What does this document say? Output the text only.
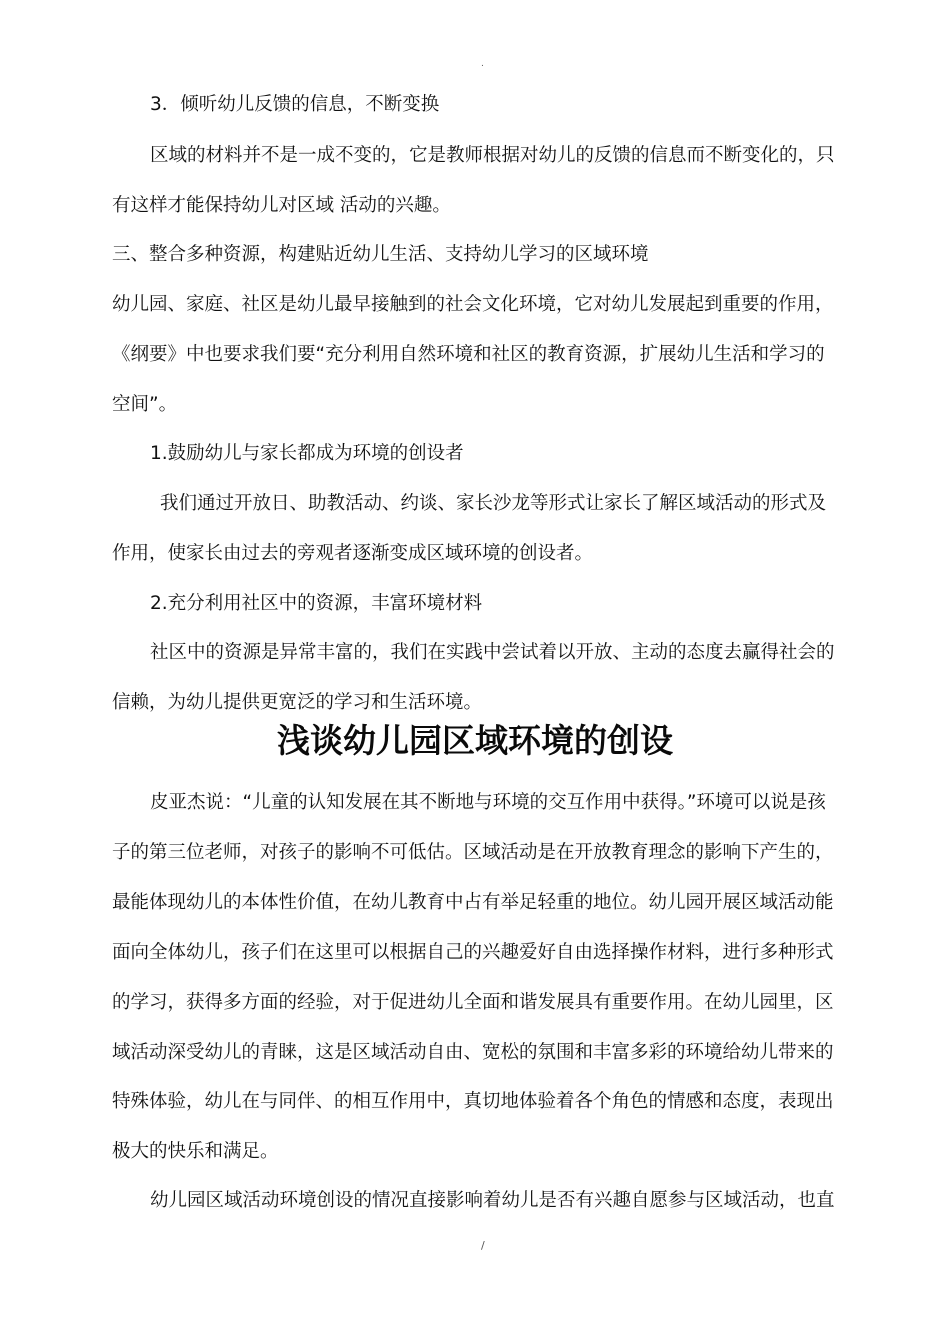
.
3．倾听幼儿反馈的信息，不断变换
区域的材料并不是一成不变的，它是教师根据对幼儿的反馈的信息而不断变化的，只
有这样才能保持幼儿对区域 活动的兴趣。
三、整合多种资源，构建贴近幼儿生活、支持幼儿学习的区域环境
幼儿园、家庭、社区是幼儿最早接触到的社会文化环境，它对幼儿发展起到重要的作用，
《纲要》中也要求我们要“充分利用自然环境和社区的教育资源，扩展幼儿生活和学习的
空间”。
1.鼓励幼儿与家长都成为环境的创设者
我们通过开放日、助教活动、约谈、家长沙龙等形式让家长了解区域活动的形式及
作用，使家长由过去的旁观者逐渐变成区域环境的创设者。
2.充分利用社区中的资源，丰富环境材料
社区中的资源是异常丰富的，我们在实践中尝试着以开放、主动的态度去赢得社会的
信赖，为幼儿提供更宽泛的学习和生活环境。
浅谈幼儿园区域环境的创设
皮亚杰说：“儿童的认知发展在其不断地与环境的交互作用中获得。”环境可以说是孩
子的第三位老师，对孩子的影响不可低估。区域活动是在开放教育理念的影响下产生的，
最能体现幼儿的本体性价值，在幼儿教育中占有举足轻重的地位。幼儿园开展区域活动能
面向全体幼儿，孩子们在这里可以根据自己的兴趣爱好自由选择操作材料，进行多种形式
的学习，获得多方面的经验，对于促进幼儿全面和谐发展具有重要作用。在幼儿园里，区
域活动深受幼儿的青睐，这是区域活动自由、宽松的氛围和丰富多彩的环境给幼儿带来的
特殊体验，幼儿在与同伴、的相互作用中，真切地体验着各个角色的情感和态度，表现出
极大的快乐和满足。
幼儿园区域活动环境创设的情况直接影响着幼儿是否有兴趣自愿参与区域活动，也直
/
